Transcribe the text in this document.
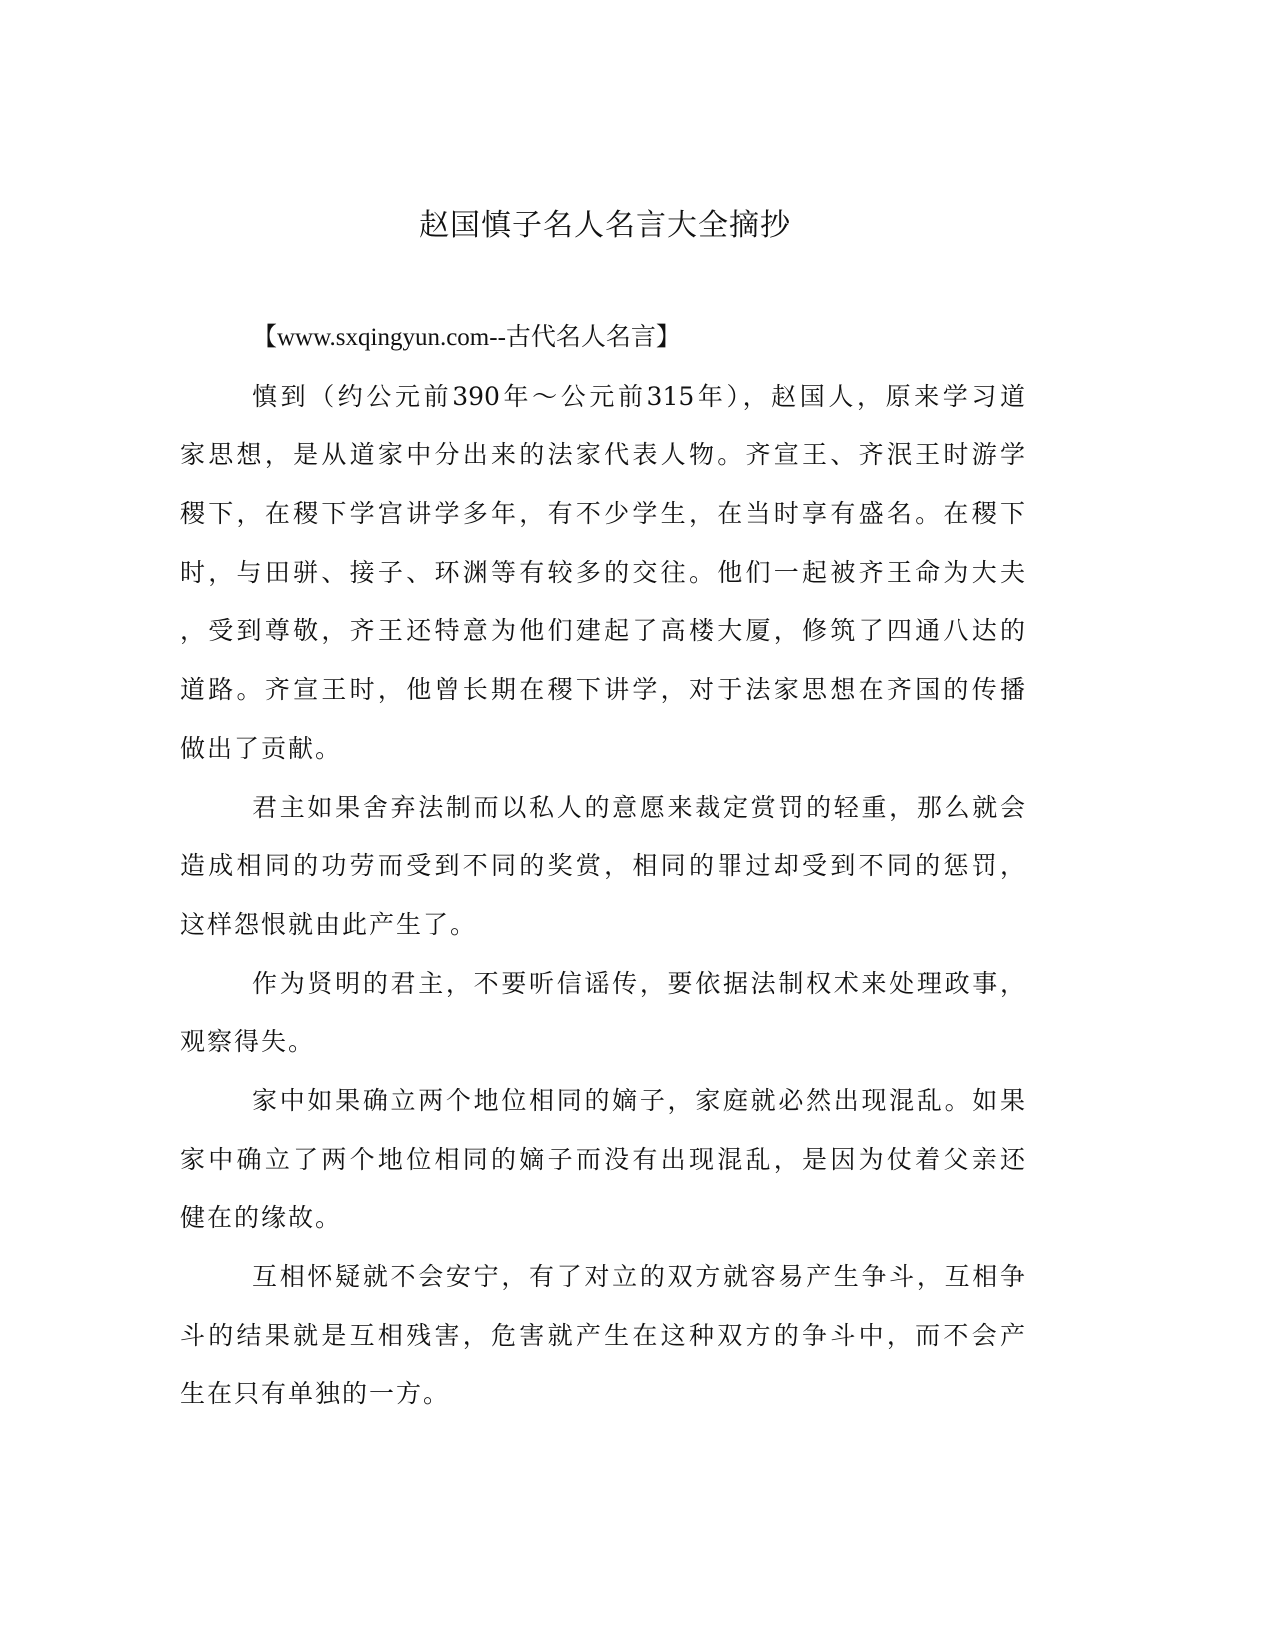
赵国慎子名人名言大全摘抄
【www.sxqingyun.com--古代名人名言】
慎到（约公元前390年～公元前315年），赵国人，原来学习道
家思想，是从道家中分出来的法家代表人物。齐宣王、齐泯王时游学
稷下，在稷下学宫讲学多年，有不少学生，在当时享有盛名。在稷下
时，与田骈、接子、环渊等有较多的交往。他们一起被齐王命为大夫
，受到尊敬，齐王还特意为他们建起了高楼大厦，修筑了四通八达的
道路。齐宣王时，他曾长期在稷下讲学，对于法家思想在齐国的传播
做出了贡献。
君主如果舍弃法制而以私人的意愿来裁定赏罚的轻重，那么就会
造成相同的功劳而受到不同的奖赏，相同的罪过却受到不同的惩罚，
这样怨恨就由此产生了。
作为贤明的君主，不要听信谣传，要依据法制权术来处理政事，
观察得失。
家中如果确立两个地位相同的嫡子，家庭就必然出现混乱。如果
家中确立了两个地位相同的嫡子而没有出现混乱，是因为仗着父亲还
健在的缘故。
互相怀疑就不会安宁，有了对立的双方就容易产生争斗，互相争
斗的结果就是互相残害，危害就产生在这种双方的争斗中，而不会产
生在只有单独的一方。
